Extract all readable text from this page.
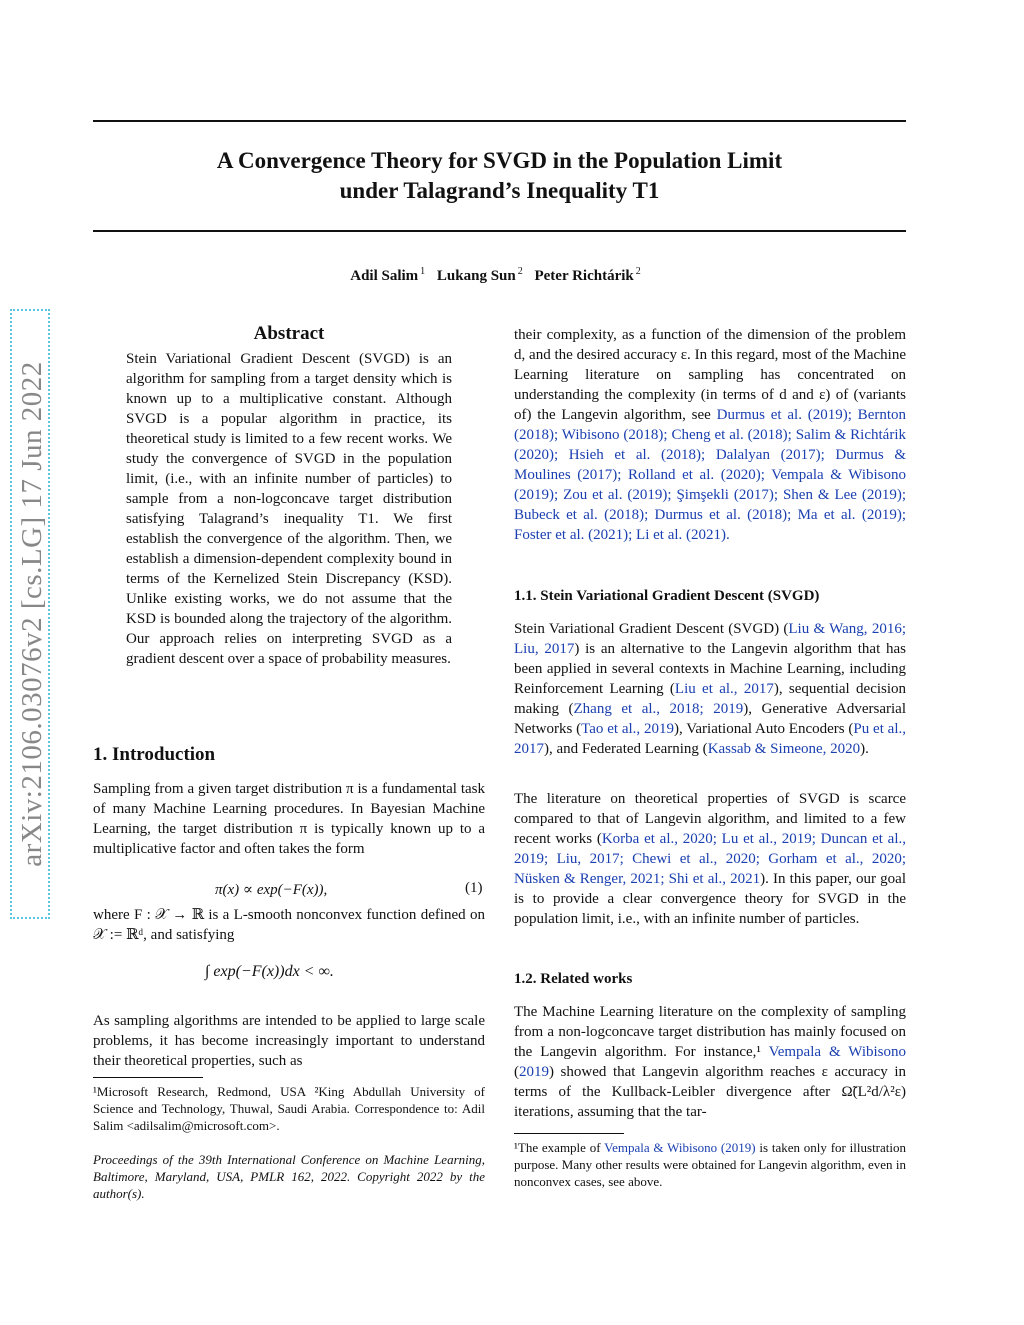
A Convergence Theory for SVGD in the Population Limit
under Talagrand’s Inequality T1
Adil Salim $^1$ Lukang Sun $^2$ Peter Richtárik $^2$
arXiv:2106.03076v2 [cs.LG] 17 Jun 2022
Abstract

Stein Variational Gradient Descent (SVGD) is an algorithm for sampling from a target density which is known up to a multiplicative constant. Although SVGD is a popular algorithm in practice, its theoretical study is limited to a few recent works. We study the convergence of SVGD in the population limit, (i.e., with an infinite number of particles) to sample from a non-logconcave target distribution satisfying Talagrand’s inequality T1. We first establish the convergence of the algorithm. Then, we establish a dimension-dependent complexity bound in terms of the Kernelized Stein Discrepancy (KSD). Unlike existing works, we do not assume that the KSD is bounded along the trajectory of the algorithm. Our approach relies on interpreting SVGD as a gradient descent over a space of probability measures.

1. Introduction

Sampling from a given target distribution π is a fundamental task of many Machine Learning procedures. In Bayesian Machine Learning, the target distribution π is typically known up to a multiplicative factor and often takes the form

π(x) ∝ exp(−F(x)),	(1)

where F : 𝒳 → ℝ is a L-smooth nonconvex function defined on 𝒳 := ℝᵈ, and satisfying

∫ exp(−F(x))dx < ∞.

As sampling algorithms are intended to be applied to large scale problems, it has become increasingly important to understand their theoretical properties, such as

¹Microsoft Research, Redmond, USA ²King Abdullah University of Science and Technology, Thuwal, Saudi Arabia. Correspondence to: Adil Salim <adilsalim@microsoft.com>.
Proceedings of the 39th International Conference on Machine Learning, Baltimore, Maryland, USA, PMLR 162, 2022. Copyright 2022 by the author(s).

their complexity, as a function of the dimension of the problem d, and the desired accuracy ε. In this regard, most of the Machine Learning literature on sampling has concentrated on understanding the complexity (in terms of d and ε) of (variants of) the Langevin algorithm, see Durmus et al. (2019); Bernton (2018); Wibisono (2018); Cheng et al. (2018); Salim & Richtárik (2020); Hsieh et al. (2018); Dalalyan (2017); Durmus & Moulines (2017); Rolland et al. (2020); Vempala & Wibisono (2019); Zou et al. (2019); Şimşekli (2017); Shen & Lee (2019); Bubeck et al. (2018); Durmus et al. (2018); Ma et al. (2019); Foster et al. (2021); Li et al. (2021).

1.1. Stein Variational Gradient Descent (SVGD)

Stein Variational Gradient Descent (SVGD) (Liu & Wang, 2016; Liu, 2017) is an alternative to the Langevin algorithm that has been applied in several contexts in Machine Learning, including Reinforcement Learning (Liu et al., 2017), sequential decision making (Zhang et al., 2018; 2019), Generative Adversarial Networks (Tao et al., 2019), Variational Auto Encoders (Pu et al., 2017), and Federated Learning (Kassab & Simeone, 2020).

The literature on theoretical properties of SVGD is scarce compared to that of Langevin algorithm, and limited to a few recent works (Korba et al., 2020; Lu et al., 2019; Duncan et al., 2019; Liu, 2017; Chewi et al., 2020; Gorham et al., 2020; Nüsken & Renger, 2021; Shi et al., 2021). In this paper, our goal is to provide a clear convergence theory for SVGD in the population limit, i.e., with an infinite number of particles.

1.2. Related works

The Machine Learning literature on the complexity of sampling from a non-logconcave target distribution has mainly focused on the Langevin algorithm. For instance,¹ Vempala & Wibisono (2019) showed that Langevin algorithm reaches ε accuracy in terms of the Kullback-Leibler divergence after Ω̃(L²d/λ²ε) iterations, assuming that the tar-

¹The example of Vempala & Wibisono (2019) is taken only for illustration purpose. Many other results were obtained for Langevin algorithm, even in nonconvex cases, see above.
